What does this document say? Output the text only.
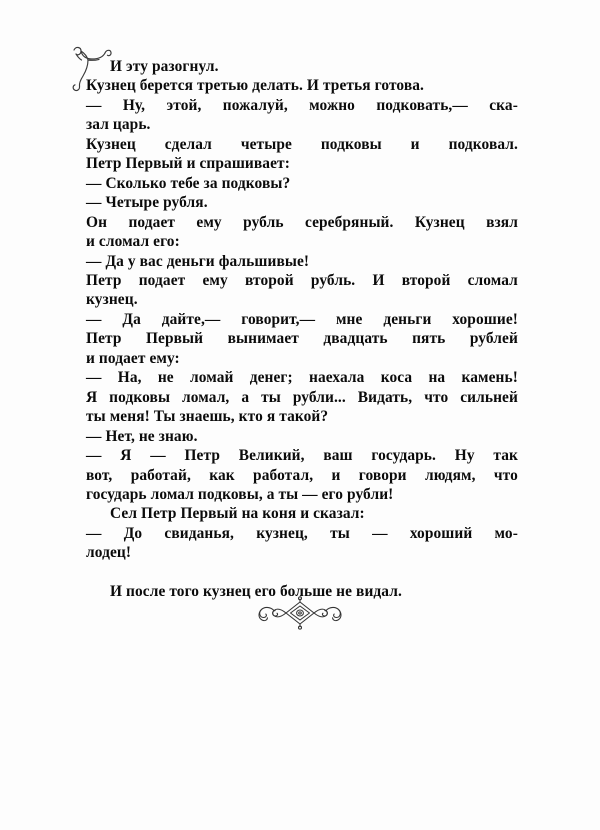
И эту разогнул.
Кузнец берется третью делать. И третья готова.
— Ну, этой, пожалуй, можно подковать,— ска-
зал царь.
Кузнец сделал четыре подковы и подковал.
Петр Первый и спрашивает:
— Сколько тебе за подковы?
— Четыре рубля.
Он подает ему рубль серебряный. Кузнец взял
и сломал его:
— Да у вас деньги фальшивые!
Петр подает ему второй рубль. И второй сломал
кузнец.
— Да дайте,— говорит,— мне деньги хорошие!
Петр Первый вынимает двадцать пять рублей
и подает ему:
— На, не ломай денег; наехала коса на камень!
Я подковы ломал, а ты рубли... Видать, что сильней
ты меня! Ты знаешь, кто я такой?
— Нет, не знаю.
— Я — Петр Великий, ваш государь. Ну так
вот, работай, как работал, и говори людям, что
государь ломал подковы, а ты — его рубли!
Сел Петр Первый на коня и сказал:
— До свиданья, кузнец, ты — хороший мо-
лодец!
И после того кузнец его больше не видал.
